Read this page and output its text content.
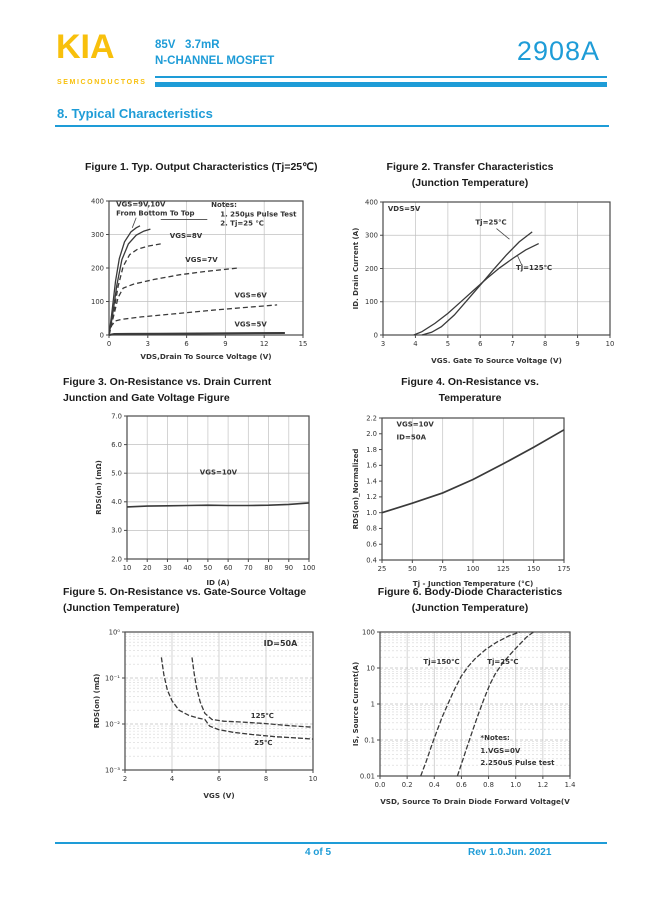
KIA
SEMICONDUCTORS
85V   3.7mR
N-CHANNEL MOSFET	2908A
8. Typical Characteristics
Figure 1. Typ. Output Characteristics (Tj=25℃)
0	3	6	9	12	15
0
100
200
300
400 VGS=9V,10V
From Bottom To Top
Notes:
1. 250µs Pulse Test
2. Tj=25 ℃
VGS=8V
VGS=7V
VGS=6V
VGS=5V
VDS,Drain To Source Voltage (V)
Figure 2. Transfer Characteristics
(Junction Temperature)
3	4	5	6	7	8	9	10
0
100
200
300
400
VDS=5V
Tj=25℃
Tj=125℃
VGS. Gate To Source Voltage (V)
ID. Drain Current (A)
Figure 3. On-Resistance vs. Drain Current
Junction and Gate Voltage Figure
10 20 30 40 50 60 70 80 90 100
2.0
3.0
4.0
5.0
6.0
7.0
VGS=10V
ID (A)
RDS(on) (mΩ)
Figure 4. On-Resistance vs.
Temperature
25	50	75	100	125	150	175
0.4
0.6
0.8
1.0
1.2
1.4
1.6
1.8
2.0
2.2
VGS=10V
ID=50A
Tj - Junction Temperature (°C)
RDS(on)_Normalized
Figure 5. On-Resistance vs. Gate-Source Voltage
(Junction Temperature)
2	4	6	8	10
10⁻³
10⁻²
10⁻¹
10⁰
ID=50A
125℃
25℃
VGS (V)
RDS(on) (mΩ)
Figure 6. Body-Diode Characteristics
(Junction Temperature)
0.0 0.2 0.4 0.6 0.8 1.0 1.2 1.4
0.01
0.1
1
10
100
Tj=150℃	Tj=25℃
*Notes:
1.VGS=0V
2.250uS Pulse test
VSD, Source To Drain Diode Forward Voltage(V
IS, Source Current(A)
4 of 5	Rev 1.0.Jun. 2021
